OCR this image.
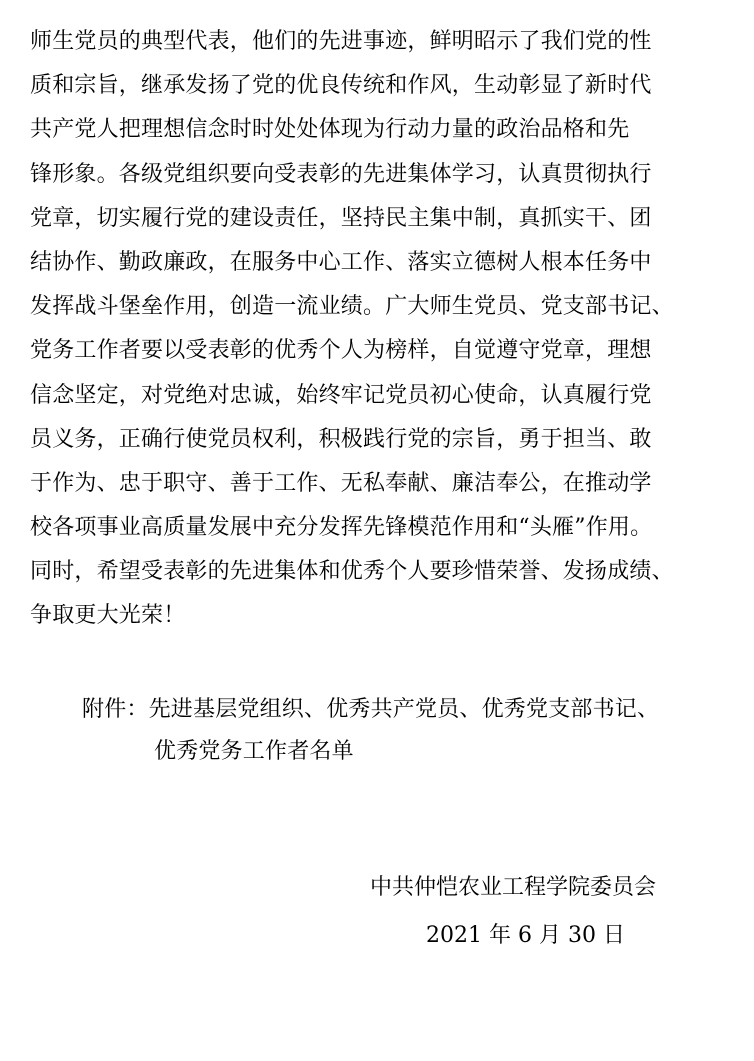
师生党员的典型代表，他们的先进事迹，鲜明昭示了我们党的性
质和宗旨，继承发扬了党的优良传统和作风，生动彰显了新时代
共产党人把理想信念时时处处体现为行动力量的政治品格和先
锋形象。各级党组织要向受表彰的先进集体学习，认真贯彻执行
党章，切实履行党的建设责任，坚持民主集中制，真抓实干、团
结协作、勤政廉政，在服务中心工作、落实立德树人根本任务中
发挥战斗堡垒作用，创造一流业绩。广大师生党员、党支部书记、
党务工作者要以受表彰的优秀个人为榜样，自觉遵守党章，理想
信念坚定，对党绝对忠诚，始终牢记党员初心使命，认真履行党
员义务，正确行使党员权利，积极践行党的宗旨，勇于担当、敢
于作为、忠于职守、善于工作、无私奉献、廉洁奉公，在推动学
校各项事业高质量发展中充分发挥先锋模范作用和“头雁”作用。
同时，希望受表彰的先进集体和优秀个人要珍惜荣誉、发扬成绩、
争取更大光荣！
附件：先进基层党组织、优秀共产党员、优秀党支部书记、
优秀党务工作者名单
中共仲恺农业工程学院委员会
2021 年 6 月 30 日
